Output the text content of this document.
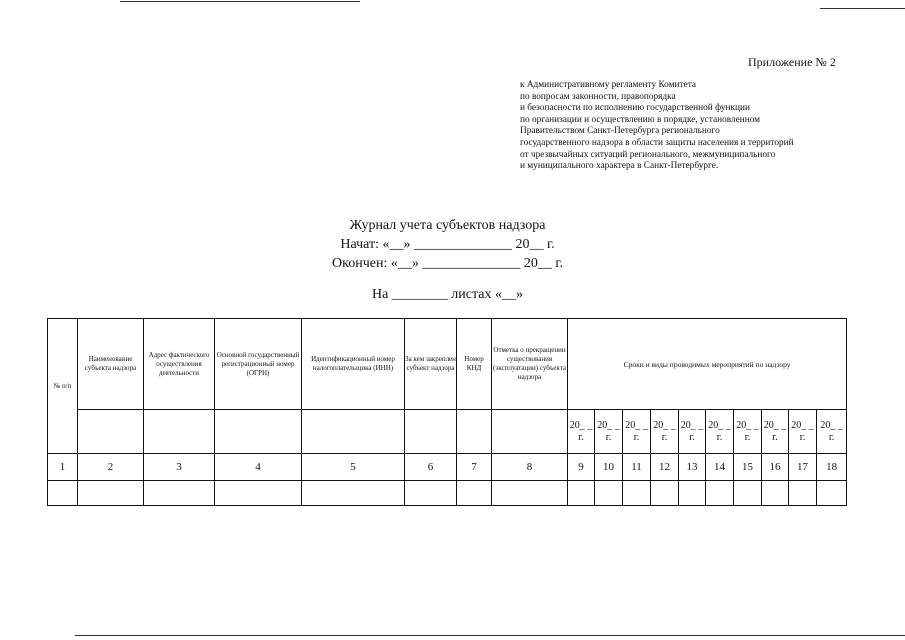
Приложение № 2
к Административному регламенту Комитета
по вопросам законности, правопорядка
и безопасности по исполнению государственной функции
по организации и осуществлению в порядке, установленном
Правительством Санкт-Петербурга регионального
государственного надзора в области защиты населения и территорий
от чрезвычайных ситуаций регионального, межмуниципального
и муниципального характера в Санкт-Петербурге.
Журнал учета субъектов надзора
Начат: «__» ______________ 20__ г.
Окончен: «__» ______________ 20__ г.
На ________ листах «__»
№ п/п	Наименование субъекта надзора	Адрес фактического осуществления деятельности	Основной государственный регистрационный номер (ОГРН)	Идентификационный номер налогоплательщика (ИНН)	За кем закреплен субъект надзора	Номер КНД	Отметка о прекращении существования (эксплуатации) субъекта надзора	Сроки и виды проводимых мероприятий по надзору									
								20_ _ г.	20_ _ г.	20_ _ г.	20_ _ г.	20_ _ г.	20_ _ г.	20_ _ г.	20_ _ г.	20_ _ г.	20_ _ г.
1	2	3	4	5	6	7	8	9	10	11	12	13	14	15	16	17	18
